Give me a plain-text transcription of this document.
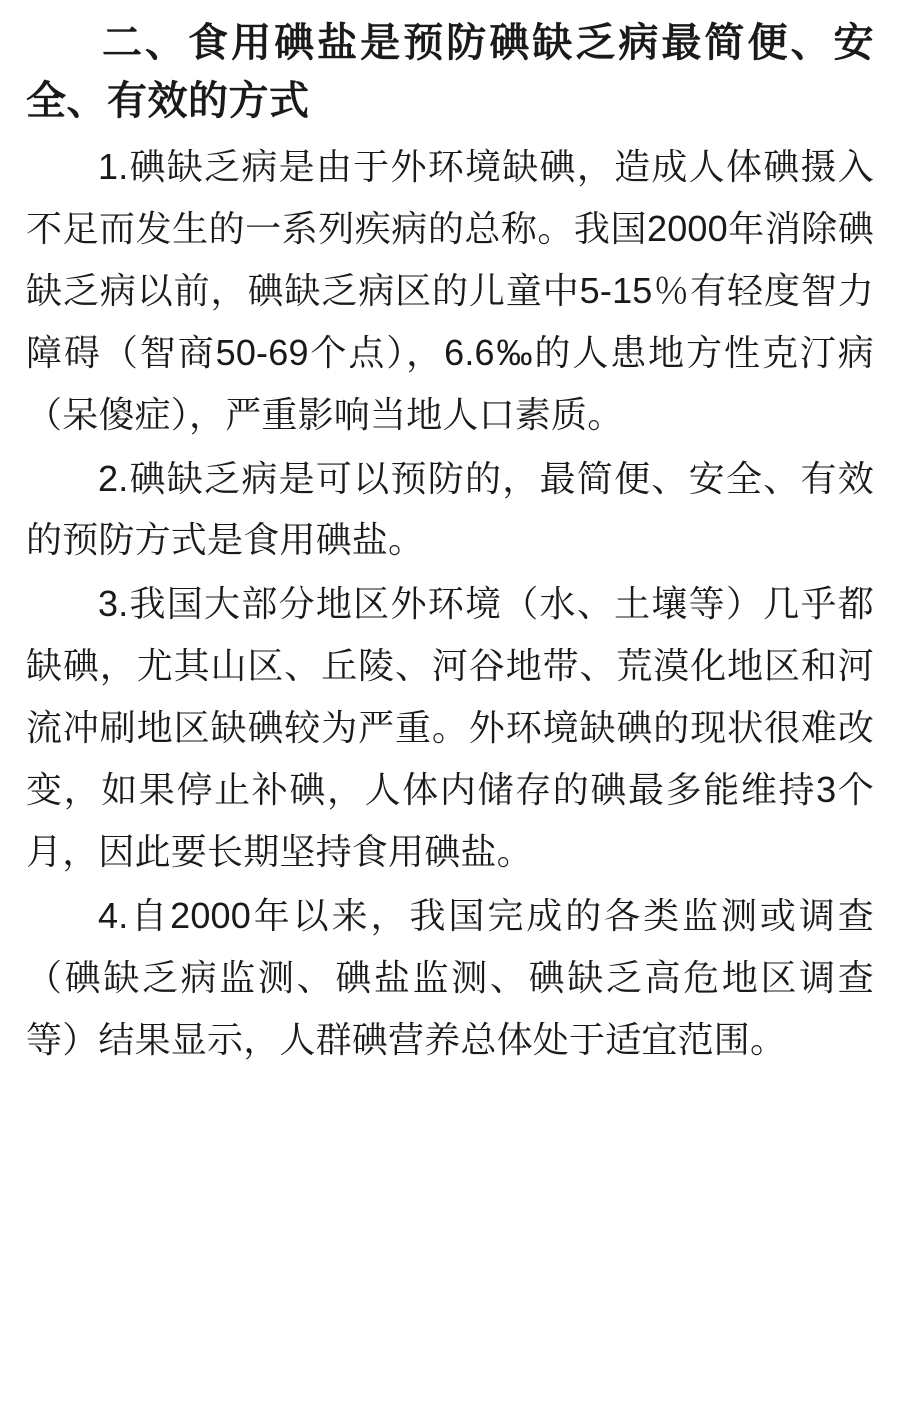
二、食用碘盐是预防碘缺乏病最简便、安全、有效的方式

1.碘缺乏病是由于外环境缺碘，造成人体碘摄入不足而发生的一系列疾病的总称。我国2000年消除碘缺乏病以前，碘缺乏病区的儿童中5-15％有轻度智力障碍（智商50-69个点），6.6‰的人患地方性克汀病（呆傻症），严重影响当地人口素质。

2.碘缺乏病是可以预防的，最简便、安全、有效的预防方式是食用碘盐。

3.我国大部分地区外环境（水、土壤等）几乎都缺碘，尤其山区、丘陵、河谷地带、荒漠化地区和河流冲刷地区缺碘较为严重。外环境缺碘的现状很难改变，如果停止补碘，人体内储存的碘最多能维持3个月，因此要长期坚持食用碘盐。

4.自2000年以来，我国完成的各类监测或调查（碘缺乏病监测、碘盐监测、碘缺乏高危地区调查等）结果显示，人群碘营养总体处于适宜范围。
